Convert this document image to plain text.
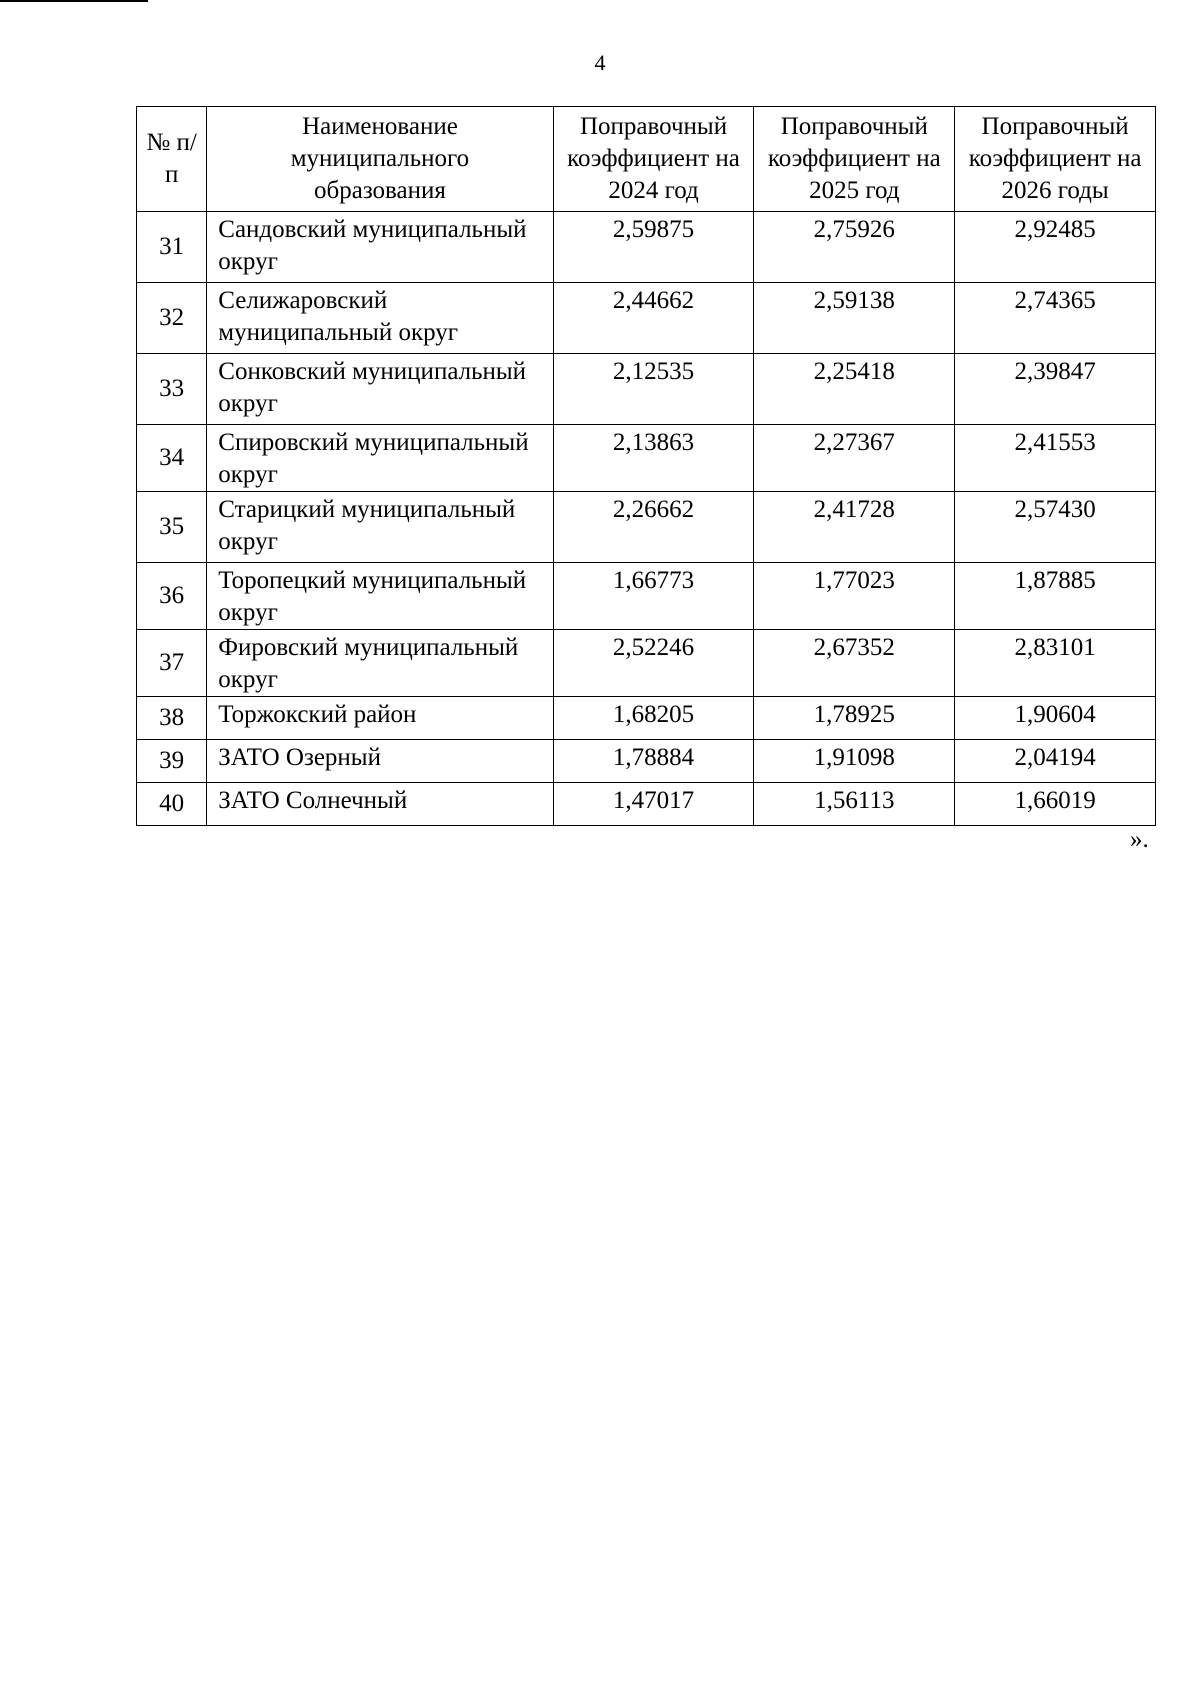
4
№ п/п	Наименование муниципального образования	Поправочный коэффициент на 2024 год	Поправочный коэффициент на 2025 год	Поправочный коэффициент на 2026 годы
31	Сандовский муниципальный округ	2,59875	2,75926	2,92485
32	Селижаровский муниципальный округ	2,44662	2,59138	2,74365
33	Сонковский муниципальный округ	2,12535	2,25418	2,39847
34	Спировский муниципальный округ	2,13863	2,27367	2,41553
35	Старицкий муниципальный округ	2,26662	2,41728	2,57430
36	Торопецкий муниципальный округ	1,66773	1,77023	1,87885
37	Фировский муниципальный округ	2,52246	2,67352	2,83101
38	Торжокский район	1,68205	1,78925	1,90604
39	ЗАТО Озерный	1,78884	1,91098	2,04194
40	ЗАТО Солнечный	1,47017	1,56113	1,66019
».
